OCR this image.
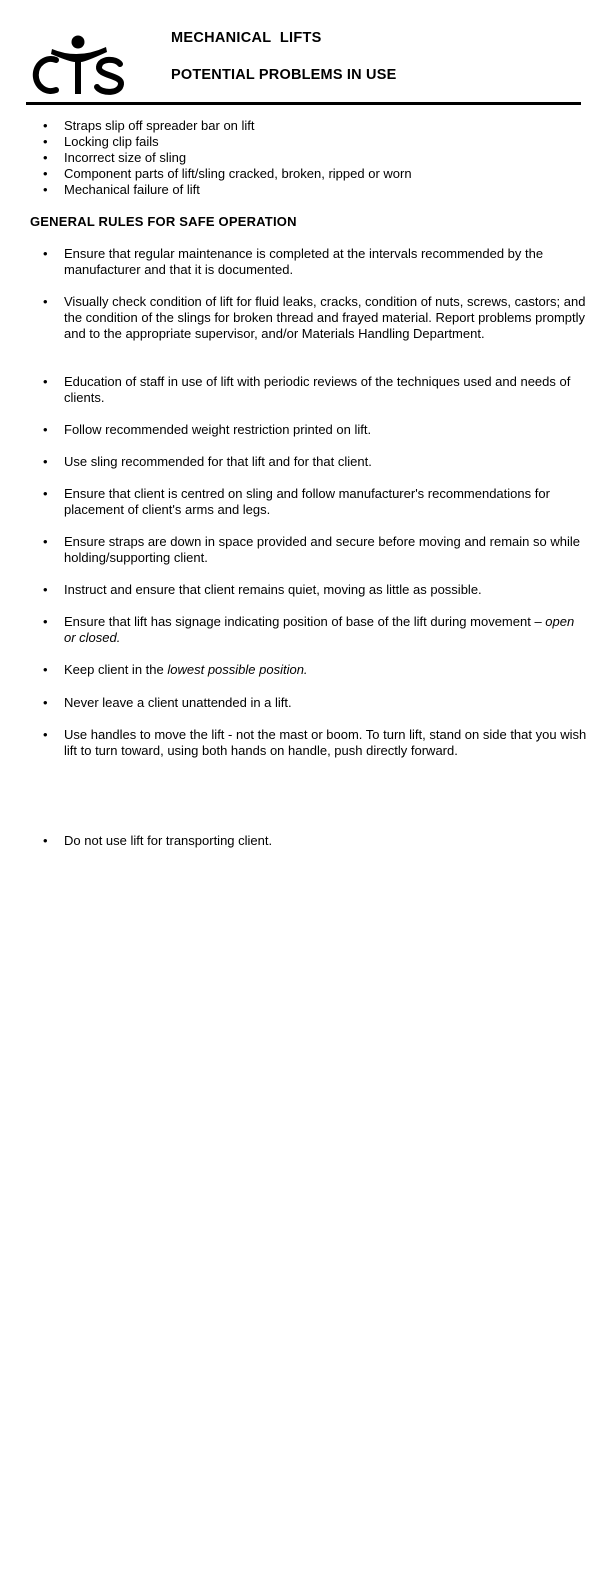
MECHANICAL  LIFTS
POTENTIAL PROBLEMS IN USE
•
Straps slip off spreader bar on lift
•
Locking clip fails
•
Incorrect size of sling
•
Component parts of lift/sling cracked, broken, ripped or worn
•
Mechanical failure of lift
GENERAL RULES FOR SAFE OPERATION
•
Ensure that regular maintenance is completed at the intervals recommended by the manufacturer and that it is documented.
•
Visually check condition of lift for fluid leaks, cracks, condition of nuts, screws, castors; and the condition of the slings for broken thread and frayed material. Report problems promptly and to the appropriate supervisor, and/or Materials Handling Department.
•
Education of staff in use of lift with periodic reviews of the techniques used and needs of clients.
•
Follow recommended weight restriction printed on lift.
•
Use sling recommended for that lift and for that client.
•
Ensure that client is centred on sling and follow manufacturer's recommendations for placement of client's arms and legs.
•
Ensure straps are down in space provided and secure before moving and remain so while holding/supporting client.
•
Instruct and ensure that client remains quiet, moving as little as possible.
•
Ensure that lift has signage indicating position of base of the lift during movement – open or closed.
•
Keep client in the lowest possible position.
•
Never leave a client unattended in a lift.
•
Use handles to move the lift - not the mast or boom. To turn lift, stand on side that you wish lift to turn toward, using both hands on handle, push directly forward.
•
Do not use lift for transporting client.
